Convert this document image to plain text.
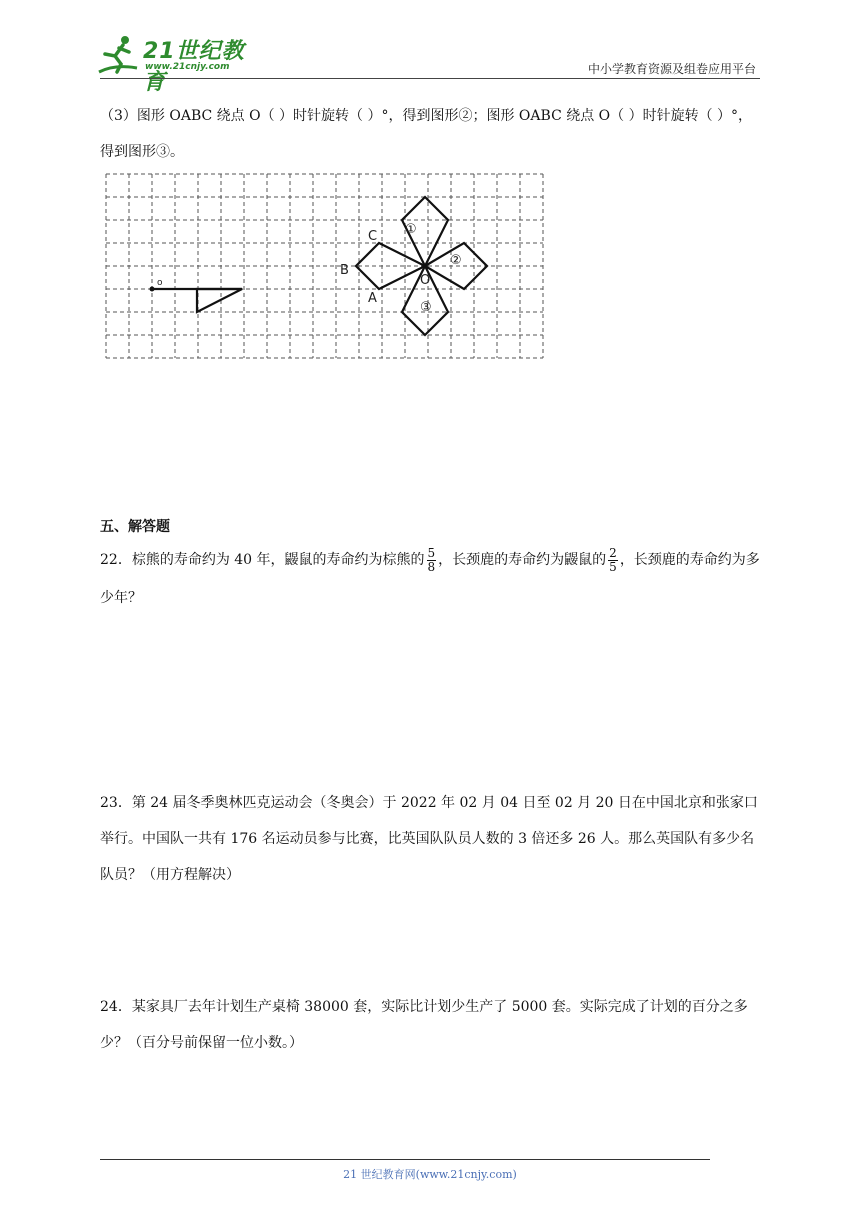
21世纪教育
www.21cnjy.com	中小学教育资源及组卷应用平台
（3）图形 OABC 绕点 O（ ）时针旋转（ ）°，得到图形②；图形 OABC 绕点 O（ ）时针旋转（ ）°，得到图形③。
o
C
B
A
O
①
②
③
五、解答题
22．棕熊的寿命约为 40 年，鼹鼠的寿命约为棕熊的 $\frac{5}{8}$ ，长颈鹿的寿命约为鼹鼠的 $\frac{2}{5}$ ，长颈鹿的寿命约为多少年？
23．第 24 届冬季奥林匹克运动会（冬奥会）于 2022 年 02 月 04 日至 02 月 20 日在中国北京和张家口举行。中国队一共有 176 名运动员参与比赛，比英国队队员人数的 3 倍还多 26 人。那么英国队有多少名队员？（用方程解决）
24．某家具厂去年计划生产桌椅 38000 套，实际比计划少生产了 5000 套。实际完成了计划的百分之多少？（百分号前保留一位小数。）
21 世纪教育网(www.21cnjy.com)
